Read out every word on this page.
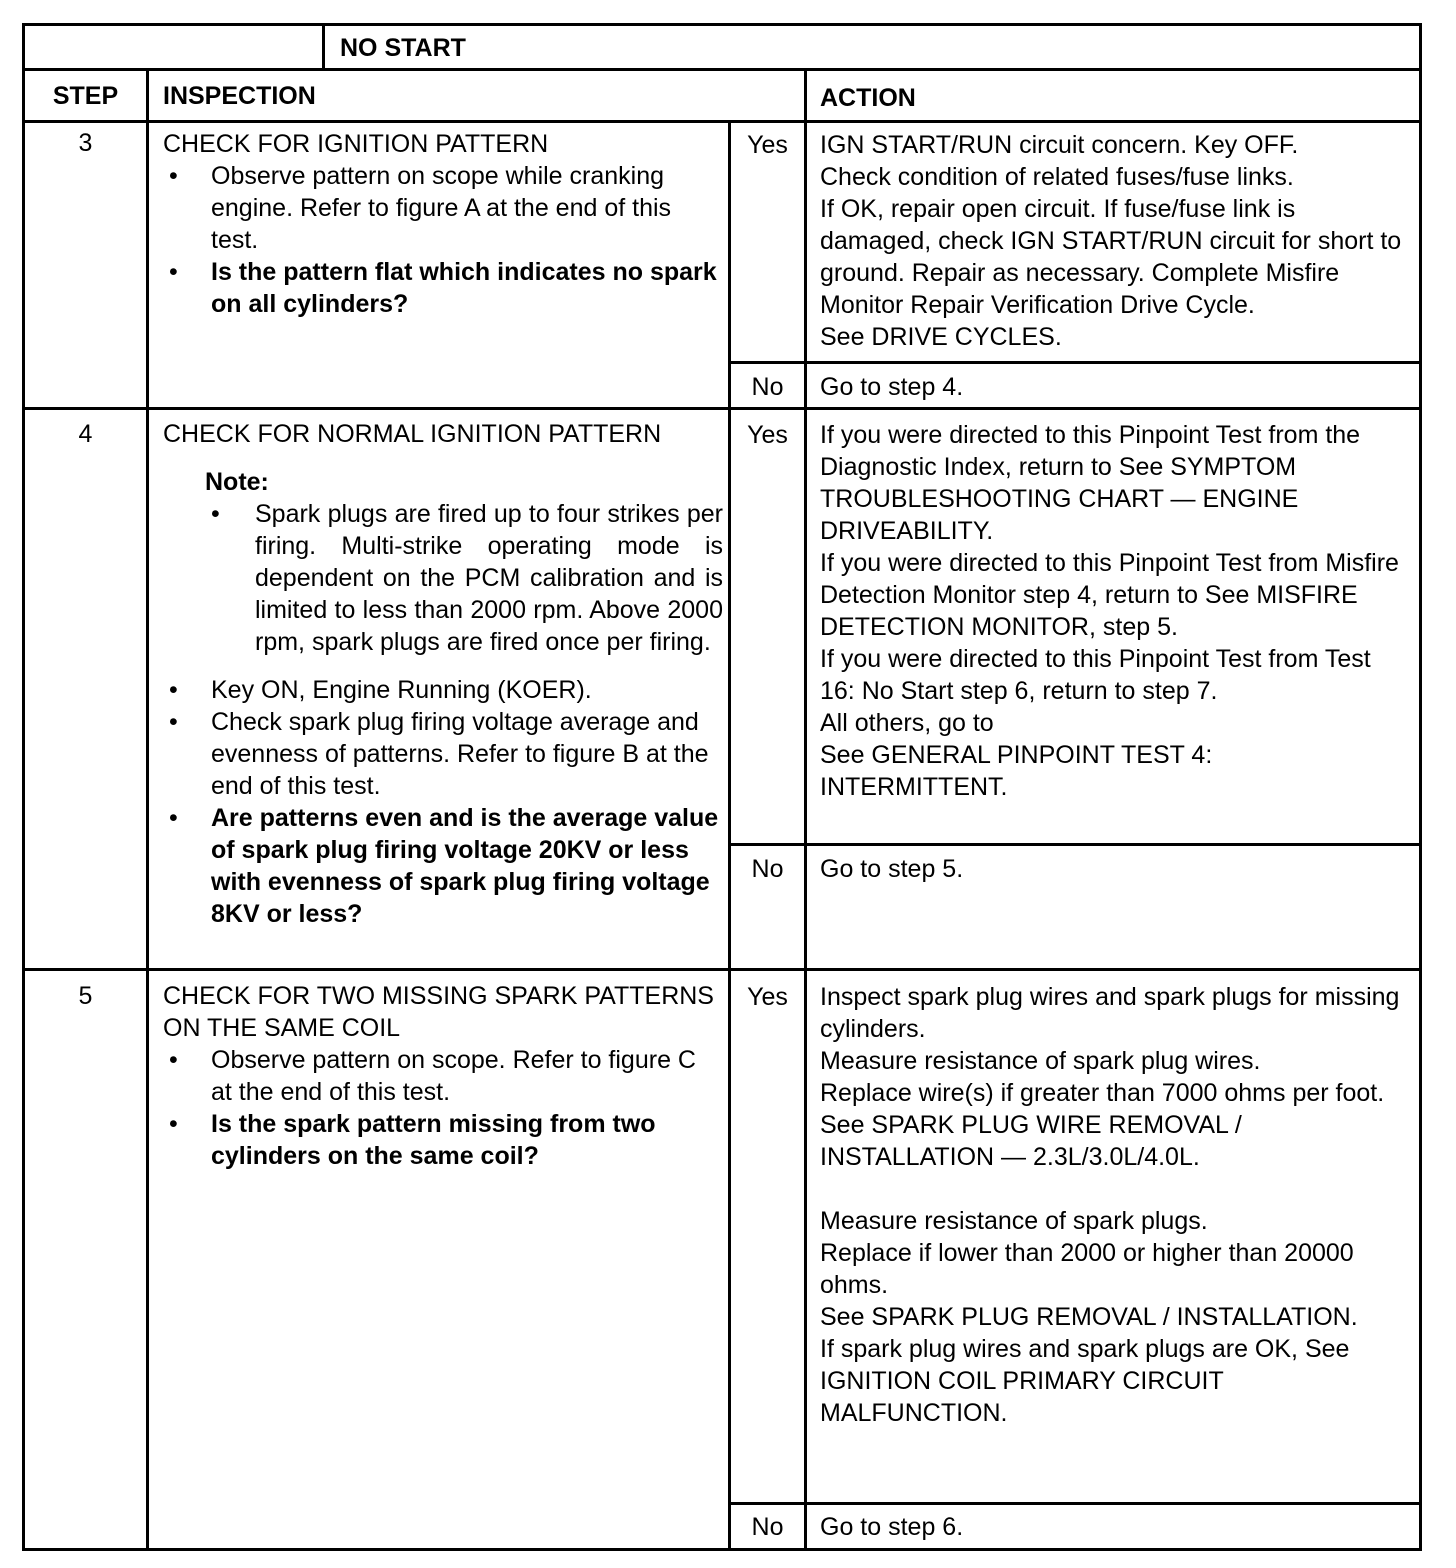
NO START
STEP	INSPECTION	ACTION
3	CHECK FOR IGNITION PATTERN
• Observe pattern on scope while cranking engine. Refer to figure A at the end of this test.
• Is the pattern flat which indicates no spark on all cylinders?
Yes	IGN START/RUN circuit concern. Key OFF.

Check condition of related fuses/fuse links.

If OK, repair open circuit. If fuse/fuse link is damaged, check IGN START/RUN circuit for short to ground. Repair as necessary. Complete Misfire Monitor Repair Verification Drive Cycle.

See DRIVE CYCLES.

No	Go to step 4.
4	CHECK FOR NORMAL IGNITION PATTERN
Note:
• Spark plugs are fired up to four strikes per firing. Multi-strike operating mode is dependent on the PCM calibration and is limited to less than 2000 rpm. Above 2000 rpm, spark plugs are fired once per firing.
• Key ON, Engine Running (KOER).
• Check spark plug firing voltage average and evenness of patterns. Refer to figure B at the end of this test.
• Are patterns even and is the average value of spark plug firing voltage 20KV or less with evenness of spark plug firing voltage 8KV or less?
Yes	If you were directed to this Pinpoint Test from the Diagnostic Index, return to See SYMPTOM TROUBLESHOOTING CHART — ENGINE DRIVEABILITY.

If you were directed to this Pinpoint Test from Misfire Detection Monitor step 4, return to See MISFIRE DETECTION MONITOR, step 5.

If you were directed to this Pinpoint Test from Test 16: No Start step 6, return to step 7.

All others, go to

See GENERAL PINPOINT TEST 4: INTERMITTENT.

No	Go to step 5.
5	CHECK FOR TWO MISSING SPARK PATTERNS ON THE SAME COIL
• Observe pattern on scope. Refer to figure C at the end of this test.
• Is the spark pattern missing from two cylinders on the same coil?
Yes	Inspect spark plug wires and spark plugs for missing cylinders.

Measure resistance of spark plug wires.

Replace wire(s) if greater than 7000 ohms per foot.

See SPARK PLUG WIRE REMOVAL / INSTALLATION — 2.3L/3.0L/4.0L.

Measure resistance of spark plugs.

Replace if lower than 2000 or higher than 20000 ohms.

See SPARK PLUG REMOVAL / INSTALLATION.

If spark plug wires and spark plugs are OK, See IGNITION COIL PRIMARY CIRCUIT MALFUNCTION.

No	Go to step 6.
